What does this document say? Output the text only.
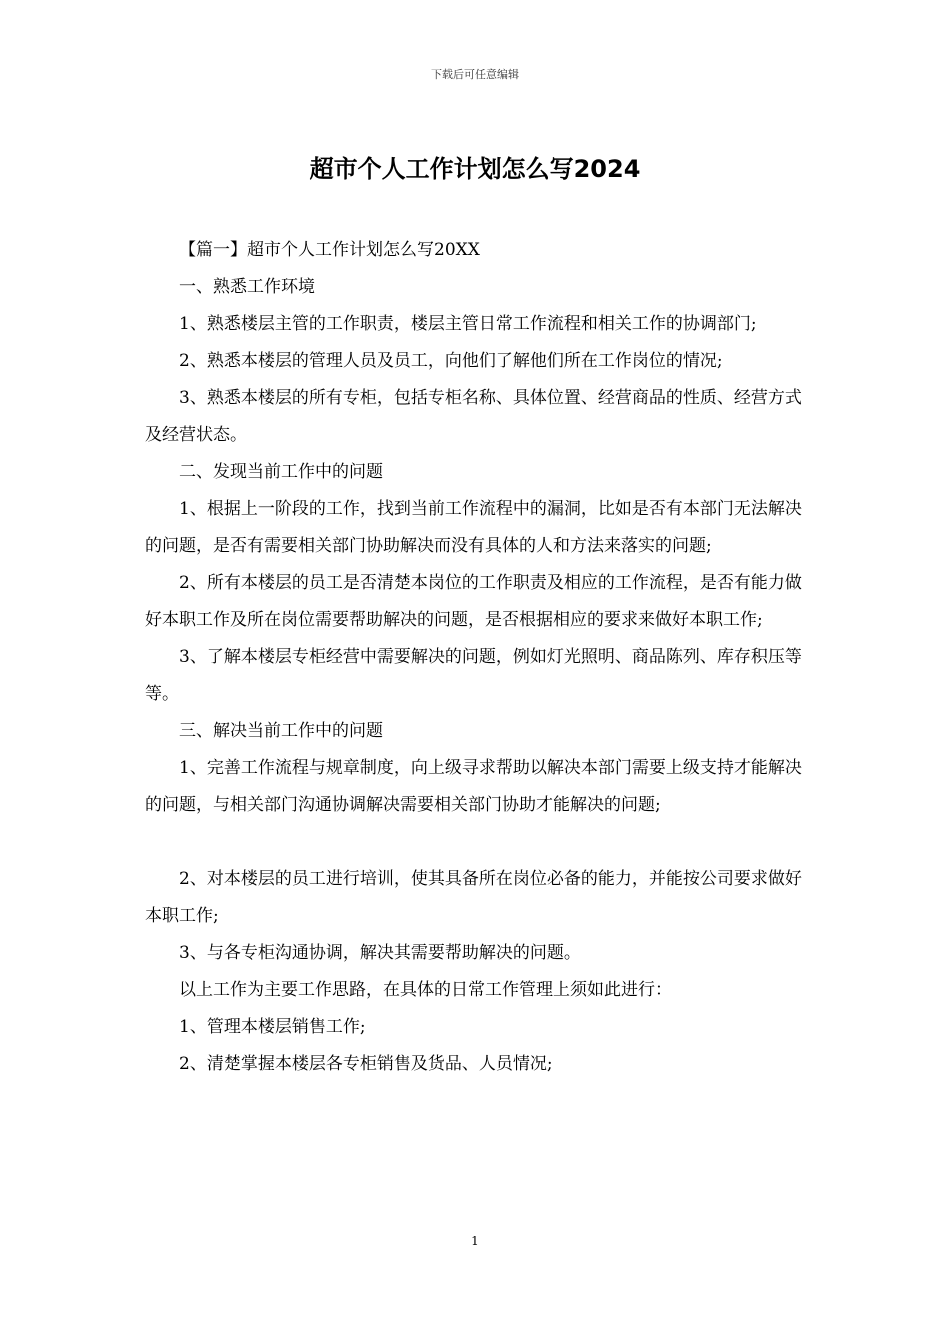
下载后可任意编辑
超市个人工作计划怎么写2024

【篇一】超市个人工作计划怎么写20XX

一、熟悉工作环境

1、熟悉楼层主管的工作职责，楼层主管日常工作流程和相关工作的协调部门;

2、熟悉本楼层的管理人员及员工，向他们了解他们所在工作岗位的情况;

3、熟悉本楼层的所有专柜，包括专柜名称、具体位置、经营商品的性质、经营方式及经营状态。

二、发现当前工作中的问题

1、根据上一阶段的工作，找到当前工作流程中的漏洞，比如是否有本部门无法解决的问题，是否有需要相关部门协助解决而没有具体的人和方法来落实的问题;

2、所有本楼层的员工是否清楚本岗位的工作职责及相应的工作流程，是否有能力做好本职工作及所在岗位需要帮助解决的问题，是否根据相应的要求来做好本职工作;

3、了解本楼层专柜经营中需要解决的问题，例如灯光照明、商品陈列、库存积压等等。

三、解决当前工作中的问题

1、完善工作流程与规章制度，向上级寻求帮助以解决本部门需要上级支持才能解决的问题，与相关部门沟通协调解决需要相关部门协助才能解决的问题;

2、对本楼层的员工进行培训，使其具备所在岗位必备的能力，并能按公司要求做好本职工作;

3、与各专柜沟通协调，解决其需要帮助解决的问题。

以上工作为主要工作思路，在具体的日常工作管理上须如此进行：

1、管理本楼层销售工作;

2、清楚掌握本楼层各专柜销售及货品、人员情况;

1
